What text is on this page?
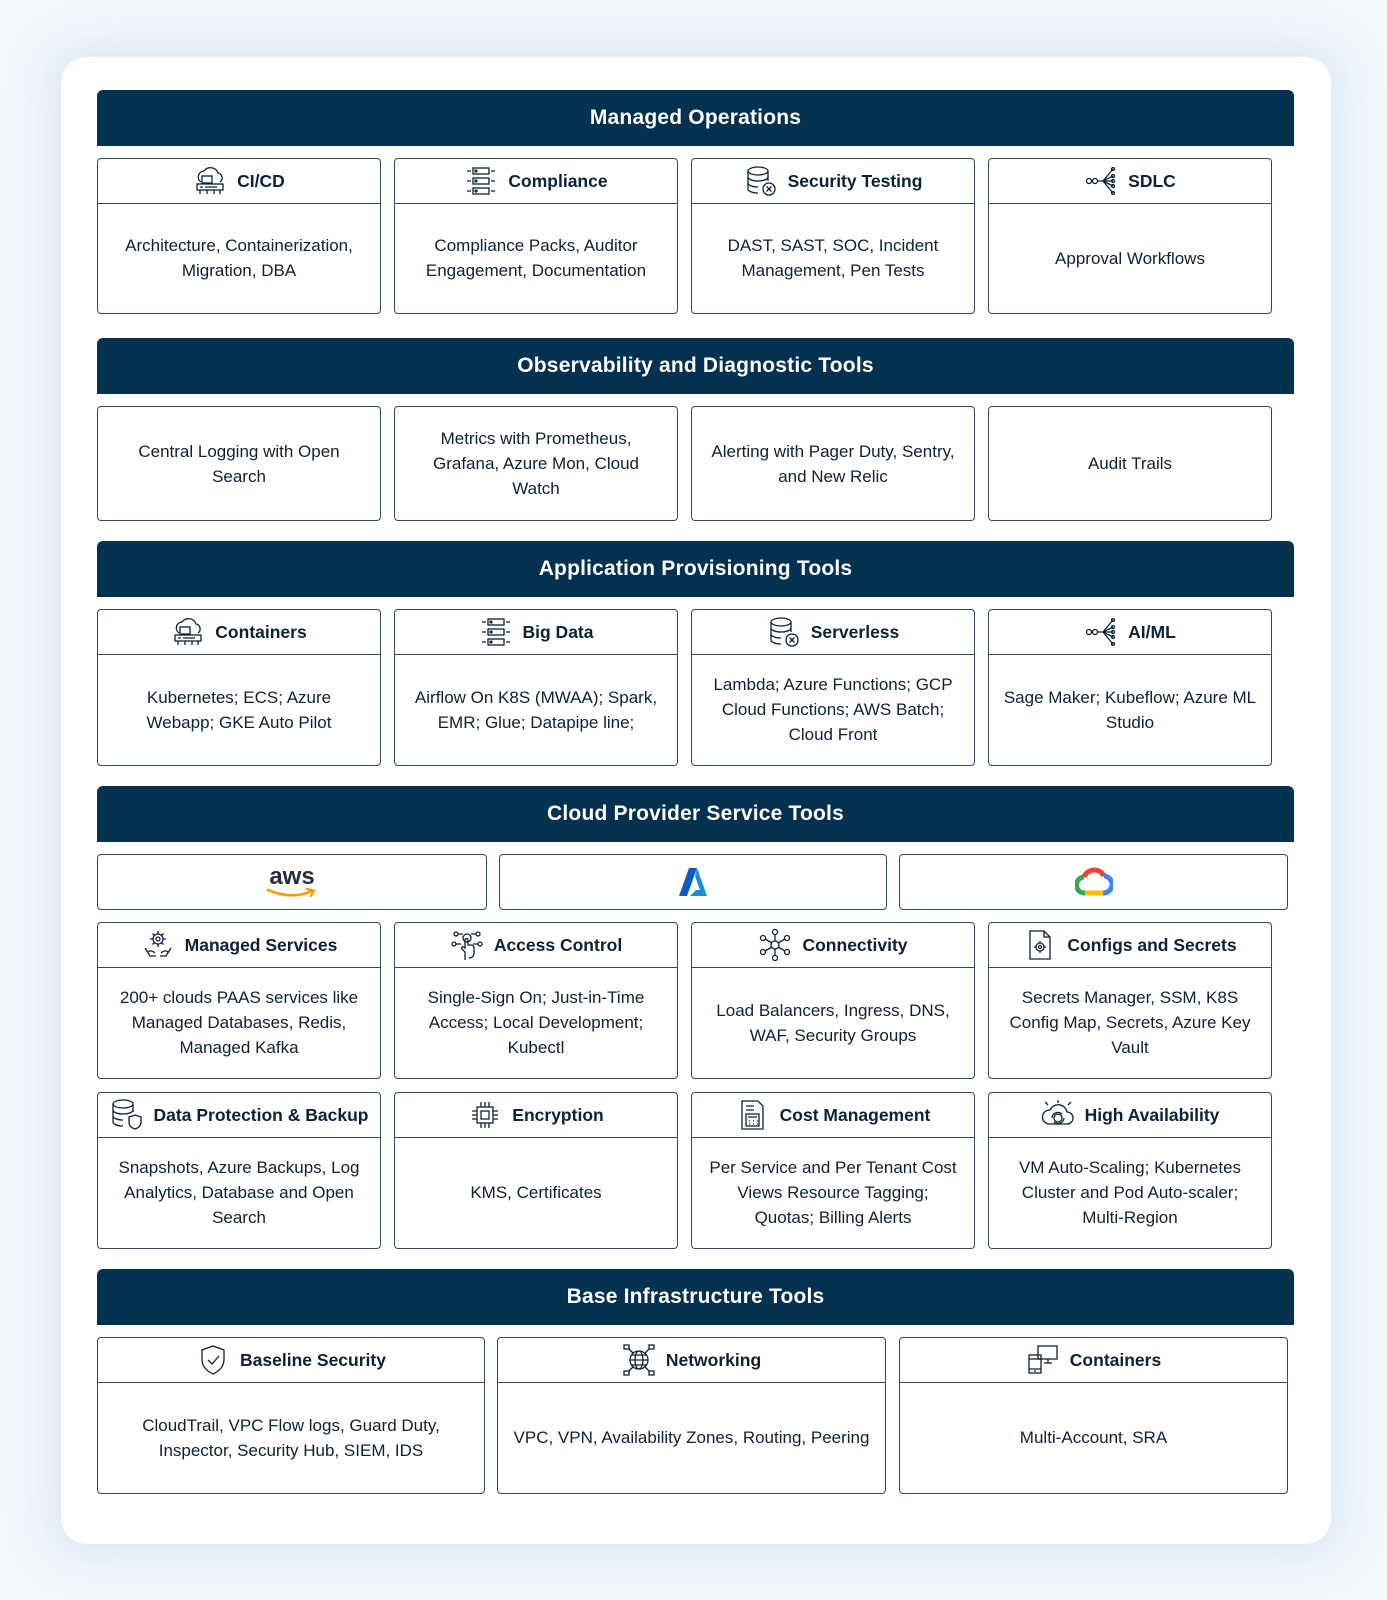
Managed Operations
CI/CD
Architecture, Containerization, Migration, DBA
Compliance
Compliance Packs, Auditor Engagement, Documentation
Security Testing
DAST, SAST, SOC, Incident Management, Pen Tests
SDLC
Approval Workflows
Observability and Diagnostic Tools
Central Logging with Open Search
Metrics with Prometheus, Grafana, Azure Mon, Cloud Watch
Alerting with Pager Duty, Sentry, and New Relic
Audit Trails
Application Provisioning Tools
Containers
Kubernetes; ECS; Azure Webapp; GKE Auto Pilot
Big Data
Airflow On K8S (MWAA); Spark, EMR; Glue; Datapipe line;
Serverless
Lambda; Azure Functions; GCP Cloud Functions; AWS Batch; Cloud Front
AI/ML
Sage Maker; Kubeflow; Azure ML Studio
Cloud Provider Service Tools
aws
Managed Services
200+ clouds PAAS services like Managed Databases, Redis, Managed Kafka
Access Control
Single-Sign On; Just-in-Time Access; Local Development; Kubectl
Connectivity
Load Balancers, Ingress, DNS, WAF, Security Groups
Configs and Secrets
Secrets Manager, SSM, K8S Config Map, Secrets, Azure Key Vault
Data Protection & Backup
Snapshots, Azure Backups, Log Analytics, Database and Open Search
Encryption
KMS, Certificates
Cost Management
Per Service and Per Tenant Cost Views Resource Tagging; Quotas; Billing Alerts
High Availability
VM Auto-Scaling; Kubernetes Cluster and Pod Auto-scaler; Multi-Region
Base Infrastructure Tools
Baseline Security
CloudTrail, VPC Flow logs, Guard Duty, Inspector, Security Hub, SIEM, IDS
Networking
VPC, VPN, Availability Zones, Routing, Peering
Containers
Multi-Account, SRA
